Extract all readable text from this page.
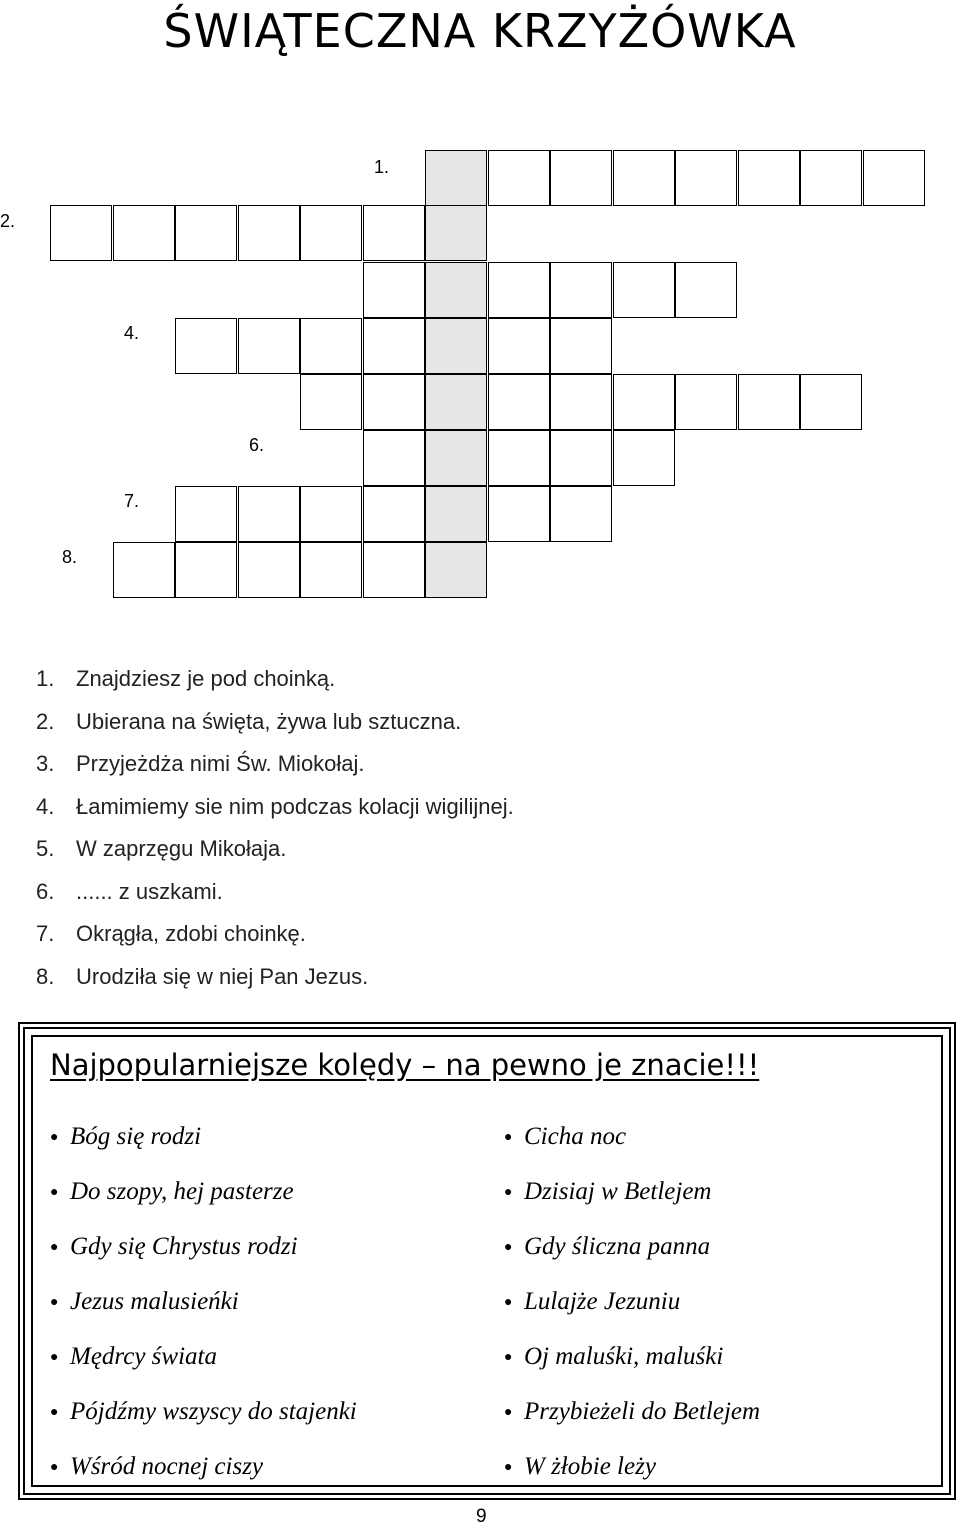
ŚWIĄTECZNA KRZYŻÓWKA
1.
2.
4.
6.
7.
8.
1. Znajdziesz je pod choinką.
2. Ubierana na święta, żywa lub sztuczna.
3. Przyjeżdża nimi Św. Miokołaj.
4. Łamimiemy sie nim podczas kolacji wigilijnej.
5. W zaprzęgu Mikołaja.
6. ...... z uszkami.
7. Okrągła, zdobi choinkę.
8. Urodziła się w niej Pan Jezus.
Najpopularniejsze kolędy – na pewno je znacie!!!
● Bóg się rodzi
● Do szopy, hej pasterze
● Gdy się Chrystus rodzi
● Jezus malusieńki
● Mędrcy świata
● Pójdźmy wszyscy do stajenki
● Wśród nocnej ciszy
● Cicha noc
● Dzisiaj w Betlejem
● Gdy śliczna panna
● Lulajże Jezuniu
● Oj maluśki, maluśki
● Przybieżeli do Betlejem
● W żłobie leży
9
